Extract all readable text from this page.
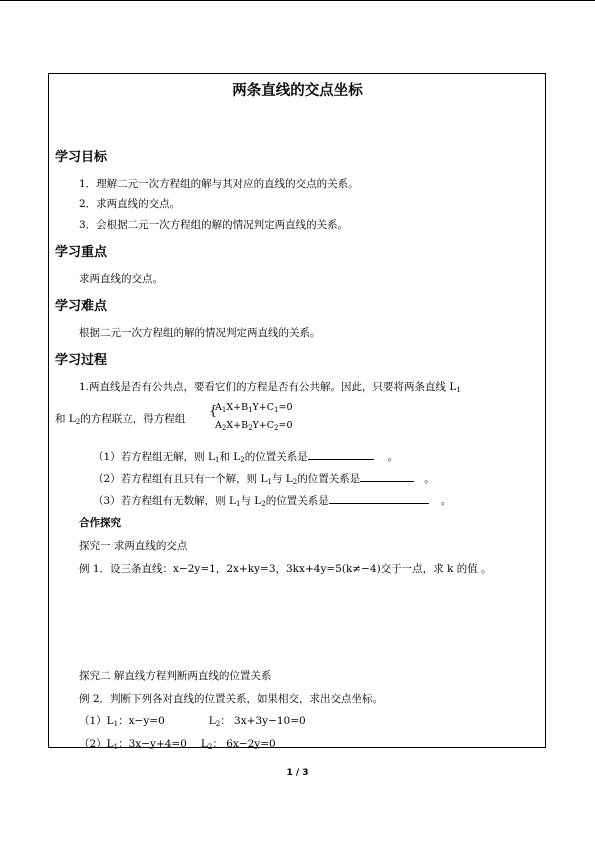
两条直线的交点坐标
学习目标
1．理解二元一次方程组的解与其对应的直线的交点的关系。
2．求两直线的交点。
3．会根据二元一次方程组的解的情况判定两直线的关系。
学习重点
求两直线的交点。
学习难点
根据二元一次方程组的解的情况判定两直线的关系。
学习过程
1.两直线是否有公共点，要看它们的方程是否有公共解。因此，只要将两条直线 $L_1$
和 $L_2$的方程联立，得方程组 {
$A_1X+B_1Y+C_1=0$
$A_2X+B_2Y+C_2=0$
（1）若方程组无解，则 $L_1$和 $L_2$的位置关系是	。
（2）若方程组有且只有一个解，则 $L_1$与 $L_2$的位置关系是	。
（3）若方程组有无数解，则 $L_1$与 $L_2$的位置关系是	。
合作探究
探究一 求两直线的交点
例 1．设三条直线：x−2y=1，2x+ky=3，3kx+4y=5(k≠−4)交于一点，求 k 的值 。
探究二 解直线方程判断两直线的位置关系
例 2．判断下列各对直线的位置关系，如果相交，求出交点坐标。
$(1)L_1$：x−y=0	$L_2$： 3x+3y−10=0
$(2)L_1$：3x−y+4=0 $L_2$： 6x−2y=0
1 / 3
